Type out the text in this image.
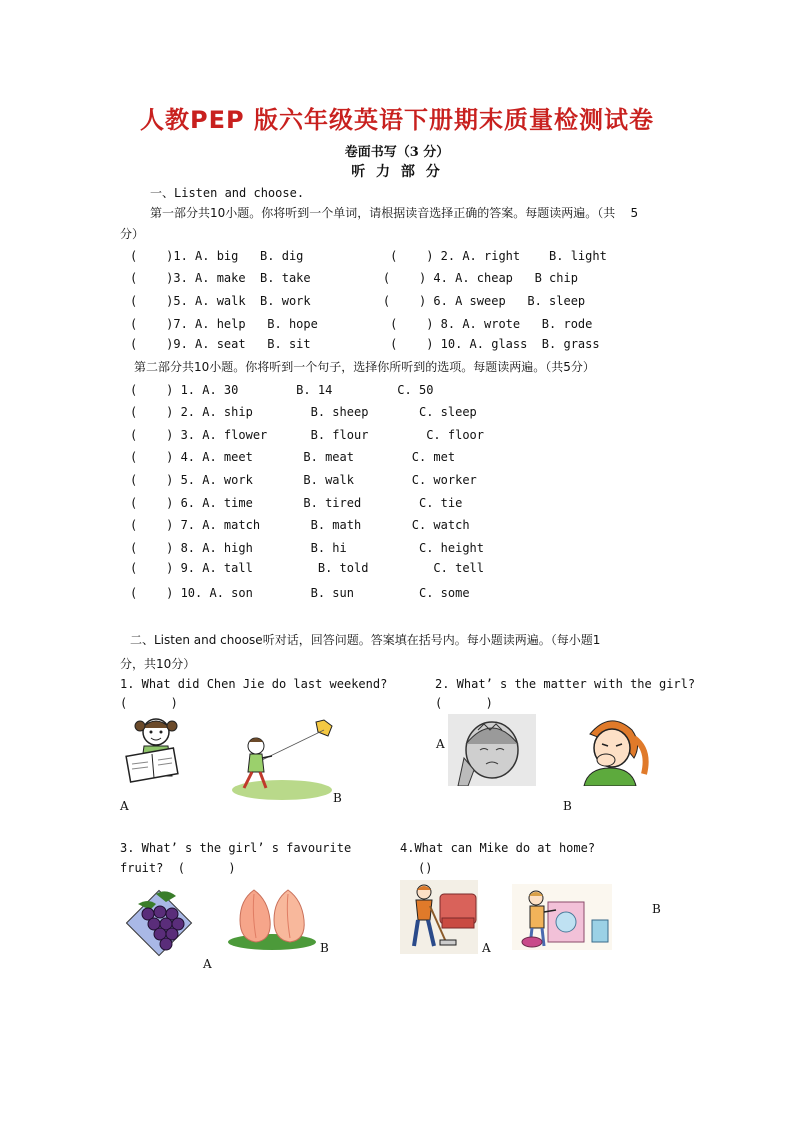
人教PEP 版六年级英语下册期末质量检测试卷
卷面书写（3 分）
听 力 部 分
一、Listen and choose.
第一部分共10小题。你将听到一个单词，请根据读音选择正确的答案。每题读两遍。（共    5
分）
(    )1. A. big   B. dig            (    ) 2. A. right    B. light
(    )3. A. make  B. take          (    ) 4. A. cheap   B chip
(    )5. A. walk  B. work          (    ) 6. A sweep   B. sleep
(    )7. A. help   B. hope          (    ) 8. A. wrote   B. rode
(    )9. A. seat   B. sit           (    ) 10. A. glass  B. grass
第二部分共10小题。你将听到一个句子，选择你所听到的选项。每题读两遍。（共5分）
(    ) 1. A. 30        B. 14         C. 50
(    ) 2. A. ship        B. sheep       C. sleep
(    ) 3. A. flower      B. flour        C. floor
(    ) 4. A. meet       B. meat        C. met
(    ) 5. A. work       B. walk        C. worker
(    ) 6. A. time       B. tired        C. tie
(    ) 7. A. match       B. math       C. watch
(    ) 8. A. high        B. hi          C. height
(    ) 9. A. tall         B. told         C. tell
(    ) 10. A. son        B. sun         C. some
二、Listen and choose听对话，回答问题。答案填在括号内。每小题读两遍。（每小题1
分，共10分）
1. What did Chen Jie do last weekend?
(      )
2. What’ s the matter with the girl?
(      )
A
B
A
B
3. What’ s the girl’ s favourite
fruit?  (      )
4.What can Mike do at home?
()
A
B	A
B
